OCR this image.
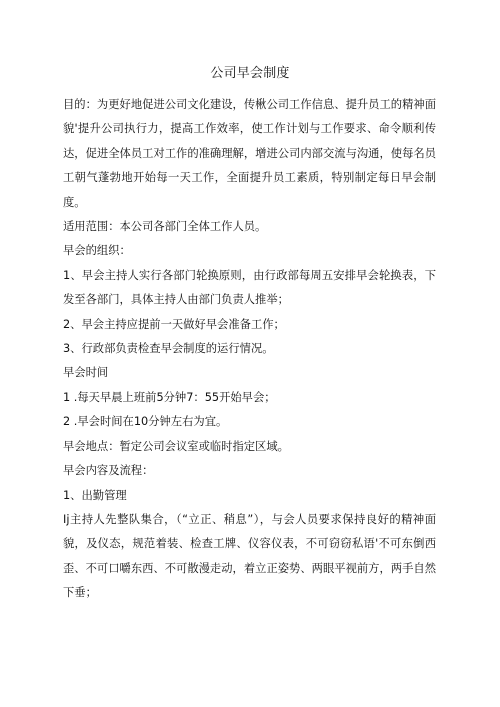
公司早会制度

目的：为更好地促进公司文化建设，传楸公司工作信息、提升员工的精神面貌'提升公司执行力，提高工作效率，使工作计划与工作要求、命令顺利传达，促进全体员工对工作的准确理解，增进公司内部交流与沟通，使每名员工朝气蓬勃地开始每一天工作，全面提升员工素质，特别制定每日早会制度。

适用范围：本公司各部门全体工作人员。

早会的组织：

1、早会主持人实行各部门轮换原则，由行政部每周五安排早会轮换表，下发至各部门，具体主持人由部门负责人推举；

2、早会主持应提前一天做好早会准备工作；

3、行政部负责检查早会制度的运行情况。

早会时间

1 .每天早晨上班前5分钟7：55开始早会；

2 .早会时间在10分钟左右为宜。

早会地点：暂定公司会议室或临时指定区域。

早会内容及流程：

1、出勤管理

Ij主持人先整队集合，（“立正、稍息”），与会人员要求保持良好的精神面貌，及仪态，规范着装、检查工牌、仪容仪表，不可窃窃私语'不可东倒西歪、不可口嚼东西、不可散漫走动，着立正姿势、两眼平视前方，两手自然下垂；
